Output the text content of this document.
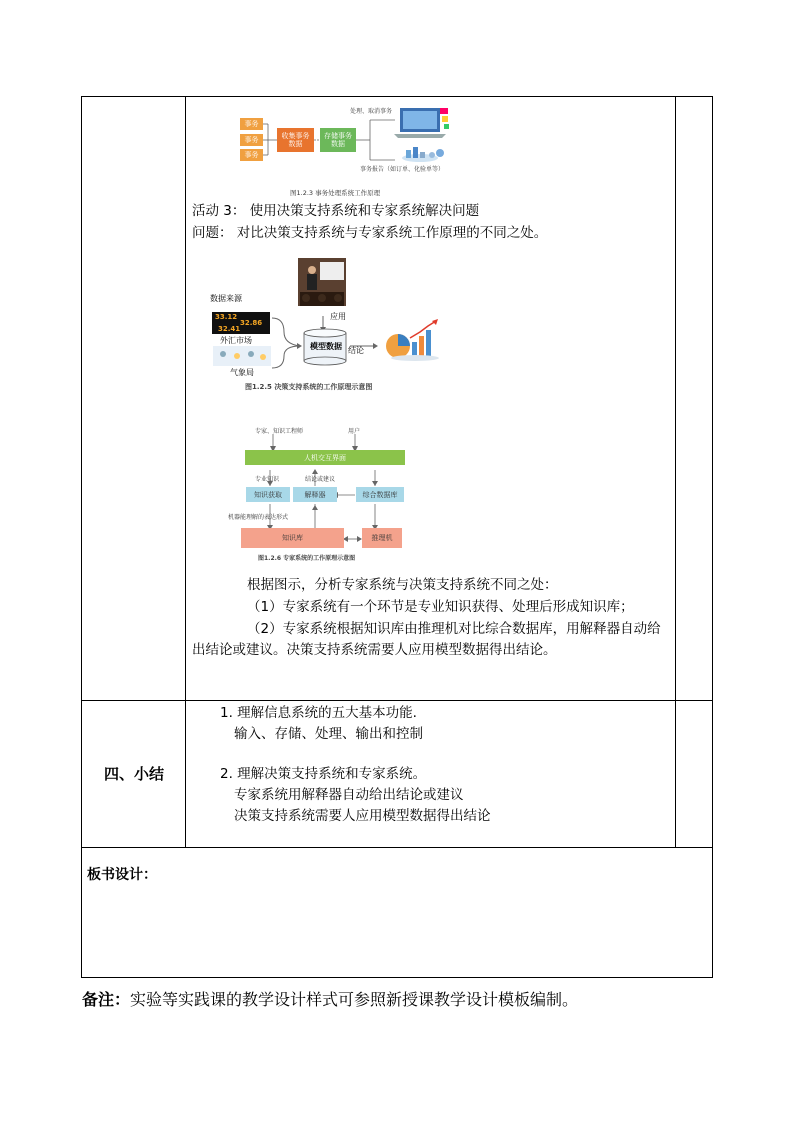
事务
事务
事务
收集事务数据
存储事务数据
处理、取消事务
事务报告（如订单、化验单等）
图1.2.3 事务处理系统工作原理
活动 3： 使用决策支持系统和专家系统解决问题
问题： 对比决策支持系统与专家系统工作原理的不同之处。
数据来源
33.12
32.86
32.41
外汇市场
气象局
应用
模型数据 结论
图1.2.5 决策支持系统的工作原理示意图
专家、知识工程师	用户
人机交互界面
专业知识	结论或建议
知识获取	解释器	综合数据库
机器能理解的表达形式
知识库	推理机
图1.2.6 专家系统的工作原理示意图
根据图示，分析专家系统与决策支持系统不同之处：
（1）专家系统有一个环节是专业知识获得、处理后形成知识库；
（2）专家系统根据知识库由推理机对比综合数据库，用解释器自动给
出结论或建议。决策支持系统需要人应用模型数据得出结论。
四、小结
1. 理解信息系统的五大基本功能.
输入、存储、处理、输出和控制
2. 理解决策支持系统和专家系统。
专家系统用解释器自动给出结论或建议
决策支持系统需要人应用模型数据得出结论
板书设计：
备注：实验等实践课的教学设计样式可参照新授课教学设计模板编制。
